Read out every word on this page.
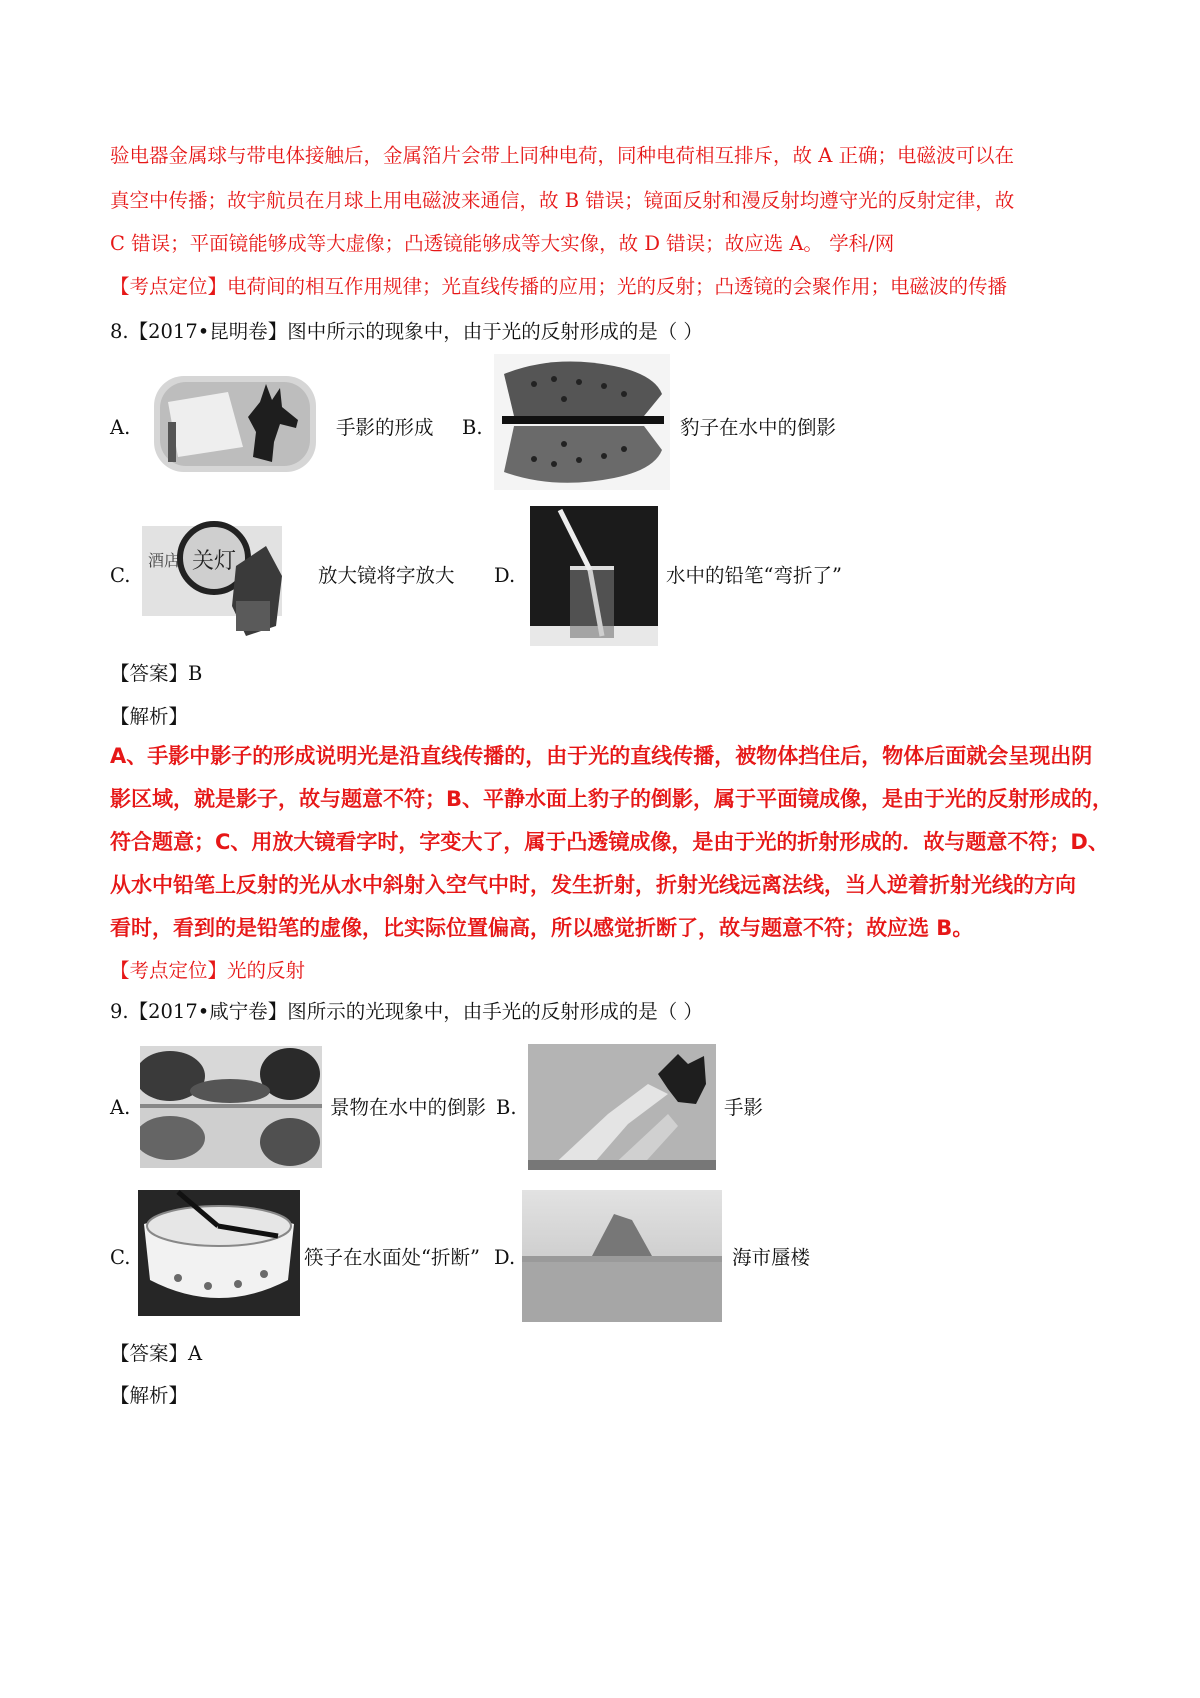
验电器金属球与带电体接触后，金属箔片会带上同种电荷，同种电荷相互排斥，故 A 正确；电磁波可以在
真空中传播；故宇航员在月球上用电磁波来通信，故 B 错误；镜面反射和漫反射均遵守光的反射定律，故
C 错误；平面镜能够成等大虚像；凸透镜能够成等大实像，故 D 错误；故应选 A。 学科/网
【考点定位】电荷间的相互作用规律；光直线传播的应用；光的反射；凸透镜的会聚作用；电磁波的传播
8.【2017•昆明卷】图中所示的现象中，由于光的反射形成的是（ ）
A.	手影的形成 B.	豹子在水中的倒影
C.
酒店 关灯
放大镜将字放大 D.	水中的铅笔“弯折了”
【答案】B
【解析】
A、手影中影子的形成说明光是沿直线传播的，由于光的直线传播，被物体挡住后，物体后面就会呈现出阴
影区域，就是影子，故与题意不符；B、平静水面上豹子的倒影，属于平面镜成像，是由于光的反射形成的，
符合题意；C、用放大镜看字时，字变大了，属于凸透镜成像，是由于光的折射形成的．故与题意不符；D、
从水中铅笔上反射的光从水中斜射入空气中时，发生折射，折射光线远离法线，当人逆着折射光线的方向
看时，看到的是铅笔的虚像，比实际位置偏高，所以感觉折断了，故与题意不符；故应选 B。
【考点定位】光的反射
9.【2017•咸宁卷】图所示的光现象中，由手光的反射形成的是（ ）
A.	景物在水中的倒影 B.	手影
C.	筷子在水面处“折断” D.	海市蜃楼
【答案】A
【解析】
